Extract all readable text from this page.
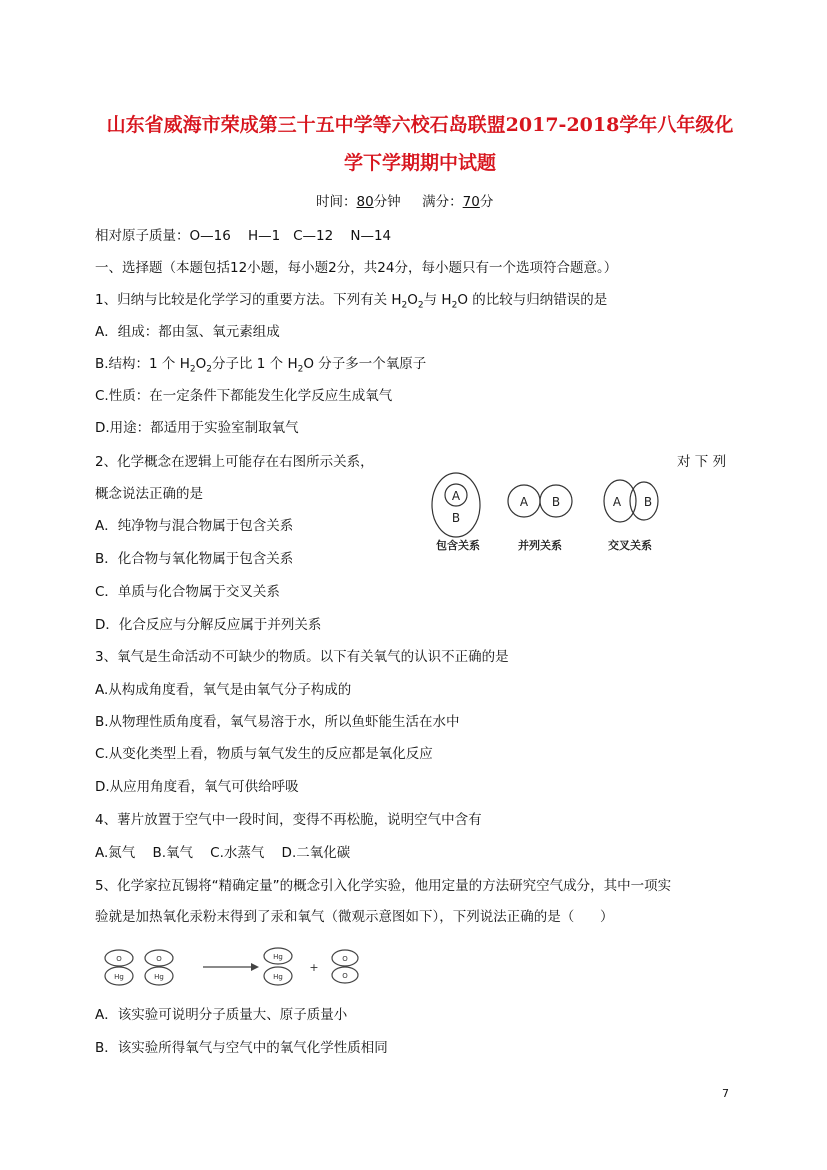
山东省威海市荣成第三十五中学等六校石岛联盟2017-2018学年八年级化
学下学期期中试题
时间：80分钟 满分：70分
相对原子质量：O—16    H—1   C—12    N—14
一、选择题（本题包括12小题，每小题2分，共24分，每小题只有一个选项符合题意。）
1、归纳与比较是化学学习的重要方法。下列有关 $H_2O_2$与 $H_2O$ 的比较与归纳错误的是
A．组成：都由氢、氧元素组成
B.结构：1 个 $H_2O_2$分子比 1 个 $H_2O$ 分子多一个氧原子
C.性质：在一定条件下都能发生化学反应生成氧气
D.用途：都适用于实验室制取氧气
2、化学概念在逻辑上可能存在右图所示关系，	对 下 列
概念说法正确的是
A．纯净物与混合物属于包含关系
B．化合物与氧化物属于包含关系
C．单质与化合物属于交叉关系
D．化合反应与分解反应属于并列关系
A
B
A B	A B
包含关系	并列关系	交叉关系
3、氧气是生命活动不可缺少的物质。以下有关氧气的认识不正确的是
A.从构成角度看，氧气是由氧气分子构成的
B.从物理性质角度看，氧气易溶于水，所以鱼虾能生活在水中
C.从变化类型上看，物质与氧气发生的反应都是氧化反应
D.从应用角度看，氧气可供给呼吸
4、薯片放置于空气中一段时间，变得不再松脆，说明空气中含有
A.氮气    B.氧气    C.水蒸气    D.二氧化碳
5、化学家拉瓦锡将“精确定量”的概念引入化学实验，他用定量的方法研究空气成分，其中一项实
验就是加热氧化汞粉末得到了汞和氧气（微观示意图如下），下列说法正确的是（      ）
O
Hg
O
Hg
Hg
Hg
O
O
+
A．该实验可说明分子质量大、原子质量小
B．该实验所得氧气与空气中的氧气化学性质相同
7
